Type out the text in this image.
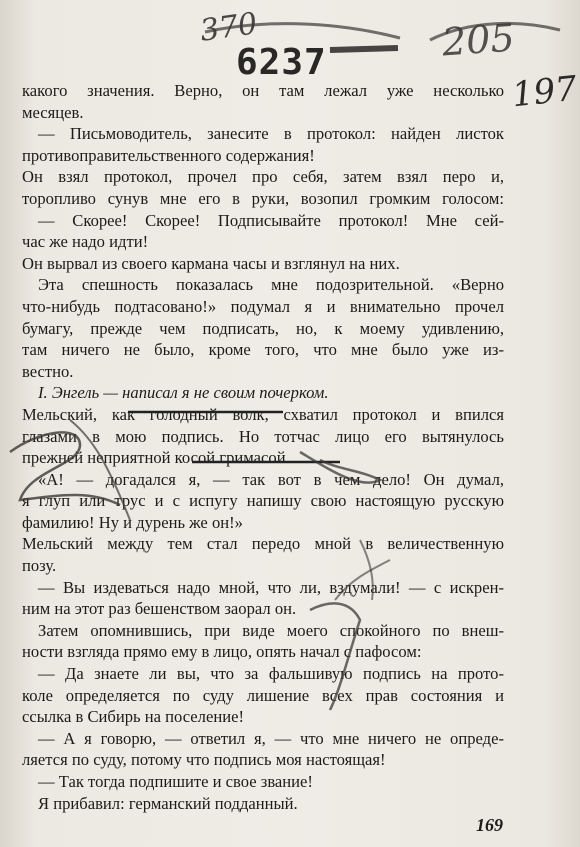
370
6237	205
197
какого значения. Верно, он там лежал уже несколько
месяцев.
— Письмоводитель, занесите в протокол: найден листок
противоправительственного содержания!
Он взял протокол, прочел про себя, затем взял перо и,
торопливо сунув мне его в руки, возопил громким голосом:
— Скорее! Скорее! Подписывайте протокол! Мне сей-
час же надо идти!
Он вырвал из своего кармана часы и взглянул на них.
Эта спешность показалась мне подозрительной. «Верно
что-нибудь подтасовано!» подумал я и внимательно прочел
бумагу, прежде чем подписать, но, к моему удивлению,
там ничего не было, кроме того, что мне было уже из-
вестно.
I. Энгель — написал я не своим почерком.
Мельский, как голодный волк, схватил протокол и впился
глазами в мою подпись. Но тотчас лицо его вытянулось
прежней неприятной косой гримасой.
«А! — догадался я, — так вот в чем дело! Он думал,
я глуп или трус и с испугу напишу свою настоящую русскую
фамилию! Ну и дурень же он!»
Мельский между тем стал передо мной в величественную
позу.
— Вы издеваться надо мной, что ли, вздумали! — с искрен-
ним на этот раз бешенством заорал он.
Затем опомнившись, при виде моего спокойного по внеш-
ности взгляда прямо ему в лицо, опять начал с пафосом:
— Да знаете ли вы, что за фальшивую подпись на прото-
коле определяется по суду лишение всех прав состояния и
ссылка в Сибирь на поселение!
— А я говорю, — ответил я, — что мне ничего не опреде-
ляется по суду, потому что подпись моя настоящая!
— Так тогда подпишите и свое звание!
Я прибавил: германский подданный.
169
